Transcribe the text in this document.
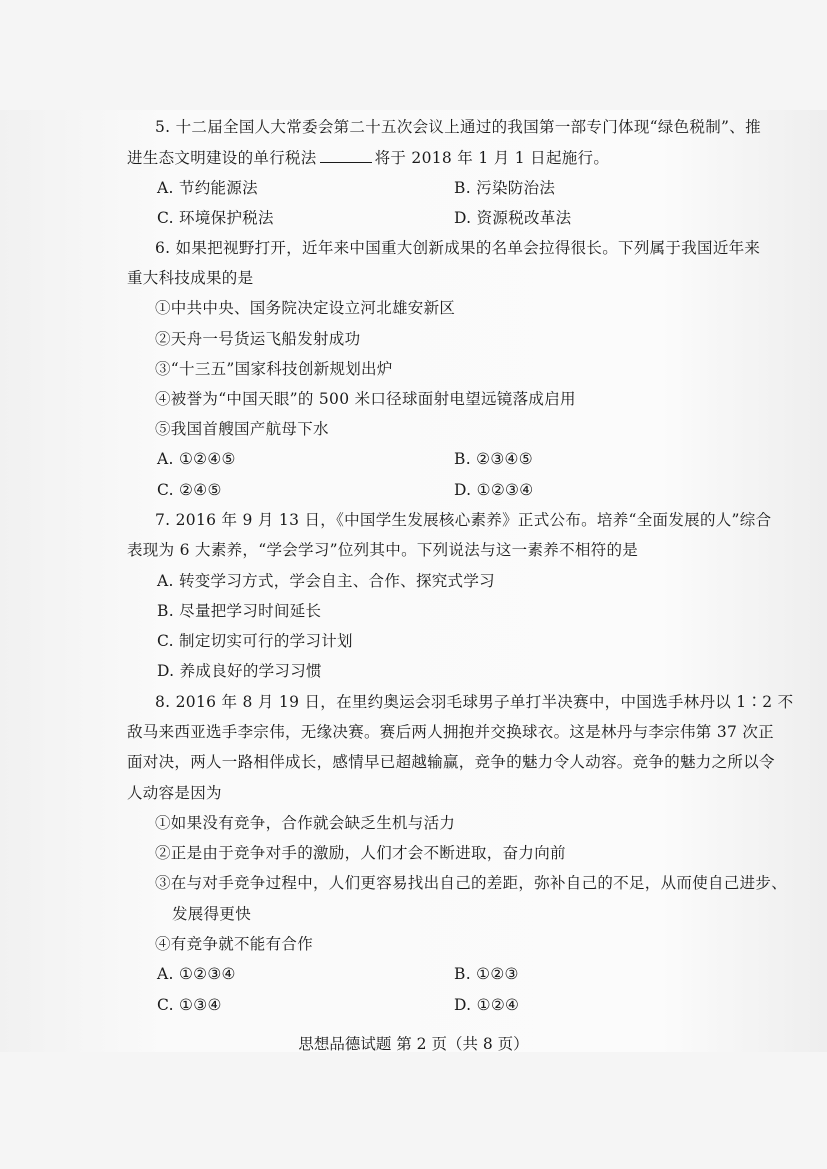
5. 十二届全国人大常委会第二十五次会议上通过的我国第一部专门体现“绿色税制”、推
进生态文明建设的单行税法	将于 2018 年 1 月 1 日起施行。
A. 节约能源法	B. 污染防治法
C. 环境保护税法	D. 资源税改革法
6. 如果把视野打开，近年来中国重大创新成果的名单会拉得很长。下列属于我国近年来
重大科技成果的是
①中共中央、国务院决定设立河北雄安新区
②天舟一号货运飞船发射成功
③“十三五”国家科技创新规划出炉
④被誉为“中国天眼”的 500 米口径球面射电望远镜落成启用
⑤我国首艘国产航母下水
A. ①②④⑤	B. ②③④⑤
C. ②④⑤	D. ①②③④
7. 2016 年 9 月 13 日，《中国学生发展核心素养》正式公布。培养“全面发展的人”综合
表现为 6 大素养，“学会学习”位列其中。下列说法与这一素养不相符的是
A. 转变学习方式，学会自主、合作、探究式学习
B. 尽量把学习时间延长
C. 制定切实可行的学习计划
D. 养成良好的学习习惯
8. 2016 年 8 月 19 日，在里约奥运会羽毛球男子单打半决赛中，中国选手林丹以 1∶2 不
敌马来西亚选手李宗伟，无缘决赛。赛后两人拥抱并交换球衣。这是林丹与李宗伟第 37 次正
面对决，两人一路相伴成长，感情早已超越输赢，竞争的魅力令人动容。竞争的魅力之所以令
人动容是因为
①如果没有竞争，合作就会缺乏生机与活力
②正是由于竞争对手的激励，人们才会不断进取，奋力向前
③在与对手竞争过程中，人们更容易找出自己的差距，弥补自己的不足，从而使自己进步、
发展得更快
④有竞争就不能有合作
A. ①②③④	B. ①②③
C. ①③④	D. ①②④
思想品德试题 第 2 页（共 8 页）
